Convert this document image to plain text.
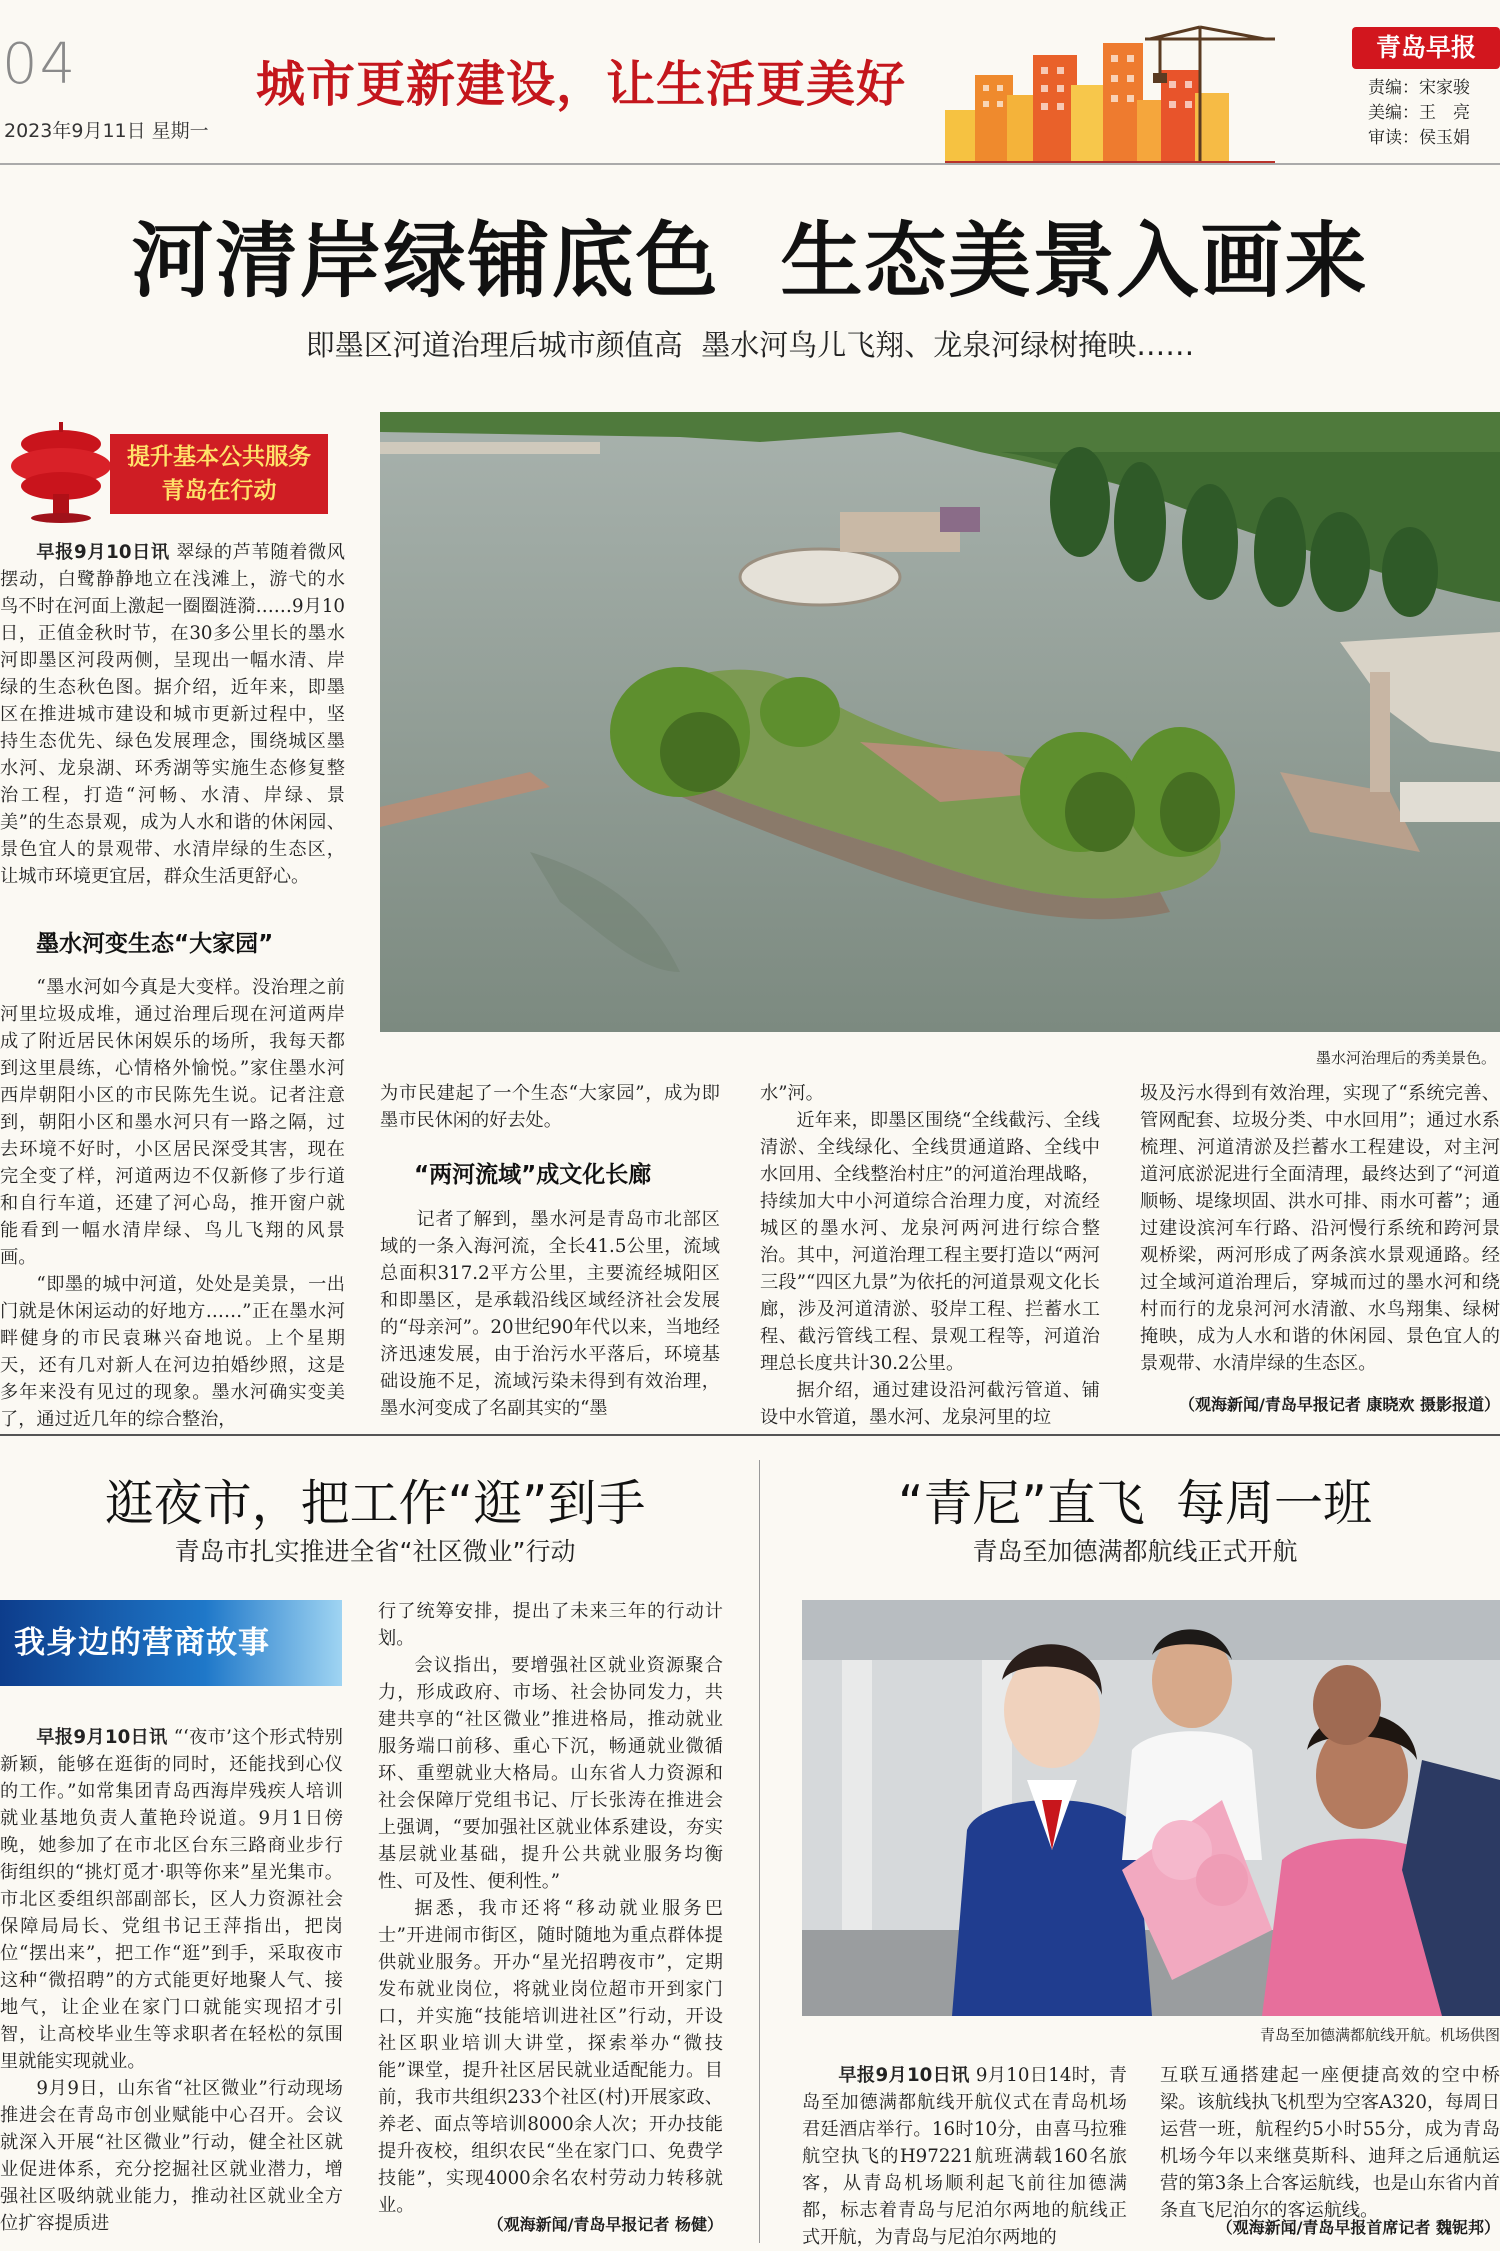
04
2023年9月11日 星期一
城市更新建设，让生活更美好
青岛早报
责编：宋家骏
美编：王　亮
审读：侯玉娟
河清岸绿铺底色  生态美景入画来
即墨区河道治理后城市颜值高  墨水河鸟儿飞翔、龙泉河绿树掩映……
提升基本公共服务
青岛在行动
墨水河治理后的秀美景色。
早报9月10日讯 翠绿的芦苇随着微风摆动，白鹭静静地立在浅滩上，游弋的水鸟不时在河面上激起一圈圈涟漪……9月10日，正值金秋时节，在30多公里长的墨水河即墨区河段两侧，呈现出一幅水清、岸绿的生态秋色图。据介绍，近年来，即墨区在推进城市建设和城市更新过程中，坚持生态优先、绿色发展理念，围绕城区墨水河、龙泉湖、环秀湖等实施生态修复整治工程，打造“河畅、水清、岸绿、景美”的生态景观，成为人水和谐的休闲园、景色宜人的景观带、水清岸绿的生态区，让城市环境更宜居，群众生活更舒心。
墨水河变生态“大家园”

“墨水河如今真是大变样。没治理之前河里垃圾成堆，通过治理后现在河道两岸成了附近居民休闲娱乐的场所，我每天都到这里晨练，心情格外愉悦。”家住墨水河西岸朝阳小区的市民陈先生说。记者注意到，朝阳小区和墨水河只有一路之隔，过去环境不好时，小区居民深受其害，现在完全变了样，河道两边不仅新修了步行道和自行车道，还建了河心岛，推开窗户就能看到一幅水清岸绿、鸟儿飞翔的风景画。

“即墨的城中河道，处处是美景，一出门就是休闲运动的好地方……”正在墨水河畔健身的市民袁琳兴奋地说。上个星期天，还有几对新人在河边拍婚纱照，这是多年来没有见过的现象。墨水河确实变美了，通过近几年的综合整治，

为市民建起了一个生态“大家园”，成为即墨市民休闲的好去处。
“两河流域”成文化长廊

记者了解到，墨水河是青岛市北部区域的一条入海河流，全长41.5公里，流域总面积317.2平方公里，主要流经城阳区和即墨区，是承载沿线区域经济社会发展的“母亲河”。20世纪90年代以来，当地经济迅速发展，由于治污水平落后，环境基础设施不足，流域污染未得到有效治理，墨水河变成了名副其实的“墨

水”河。

近年来，即墨区围绕“全线截污、全线清淤、全线绿化、全线贯通道路、全线中水回用、全线整治村庄”的河道治理战略，持续加大中小河道综合治理力度，对流经城区的墨水河、龙泉河两河进行综合整治。其中，河道治理工程主要打造以“两河三段”“四区九景”为依托的河道景观文化长廊，涉及河道清淤、驳岸工程、拦蓄水工程、截污管线工程、景观工程等，河道治理总长度共计30.2公里。

据介绍，通过建设沿河截污管道、铺设中水管道，墨水河、龙泉河里的垃

圾及污水得到有效治理，实现了“系统完善、管网配套、垃圾分类、中水回用”；通过水系梳理、河道清淤及拦蓄水工程建设，对主河道河底淤泥进行全面清理，最终达到了“河道顺畅、堤缘坝固、洪水可排、雨水可蓄”；通过建设滨河车行路、沿河慢行系统和跨河景观桥梁，两河形成了两条滨水景观通路。经过全域河道治理后，穿城而过的墨水河和绕村而行的龙泉河河水清澈、水鸟翔集、绿树掩映，成为人水和谐的休闲园、景色宜人的景观带、水清岸绿的生态区。

（观海新闻/青岛早报记者 康晓欢 摄影报道）
逛夜市，把工作“逛”到手
青岛市扎实推进全省“社区微业”行动
我身边的营商故事

早报9月10日讯 “‘夜市’这个形式特别新颖，能够在逛街的同时，还能找到心仪的工作。”如常集团青岛西海岸残疾人培训就业基地负责人董艳玲说道。9月1日傍晚，她参加了在市北区台东三路商业步行街组织的“挑灯觅才·职等你来”星光集市。市北区委组织部副部长，区人力资源社会保障局局长、党组书记王萍指出，把岗位“摆出来”，把工作“逛”到手，采取夜市这种“微招聘”的方式能更好地聚人气、接地气，让企业在家门口就能实现招才引智，让高校毕业生等求职者在轻松的氛围里就能实现就业。

9月9日，山东省“社区微业”行动现场推进会在青岛市创业赋能中心召开。会议就深入开展“社区微业”行动，健全社区就业促进体系，充分挖掘社区就业潜力，增强社区吸纳就业能力，推动社区就业全方位扩容提质进

行了统筹安排，提出了未来三年的行动计划。

会议指出，要增强社区就业资源聚合力，形成政府、市场、社会协同发力，共建共享的“社区微业”推进格局，推动就业服务端口前移、重心下沉，畅通就业微循环、重塑就业大格局。山东省人力资源和社会保障厅党组书记、厅长张涛在推进会上强调，“要加强社区就业体系建设，夯实基层就业基础，提升公共就业服务均衡性、可及性、便利性。”

据悉，我市还将“移动就业服务巴士”开进闹市街区，随时随地为重点群体提供就业服务。开办“星光招聘夜市”，定期发布就业岗位，将就业岗位超市开到家门口，并实施“技能培训进社区”行动，开设社区职业培训大讲堂，探索举办“微技能”课堂，提升社区居民就业适配能力。目前，我市共组织233个社区(村)开展家政、养老、面点等培训8000余人次；开办技能提升夜校，组织农民“坐在家门口、免费学技能”，实现4000余名农村劳动力转移就业。

（观海新闻/青岛早报记者 杨健）
“青尼”直飞  每周一班
青岛至加德满都航线正式开航
青岛至加德满都航线开航。机场供图
早报9月10日讯 9月10日14时，青岛至加德满都航线开航仪式在青岛机场君廷酒店举行。16时10分，由喜马拉雅航空执飞的H97221航班满载160名旅客，从青岛机场顺利起飞前往加德满都，标志着青岛与尼泊尔两地的航线正式开航，为青岛与尼泊尔两地的
互联互通搭建起一座便捷高效的空中桥梁。该航线执飞机型为空客A320，每周日运营一班，航程约5小时55分，成为青岛机场今年以来继莫斯科、迪拜之后通航运营的第3条上合客运航线，也是山东省内首条直飞尼泊尔的客运航线。
（观海新闻/青岛早报首席记者 魏铌邦）
